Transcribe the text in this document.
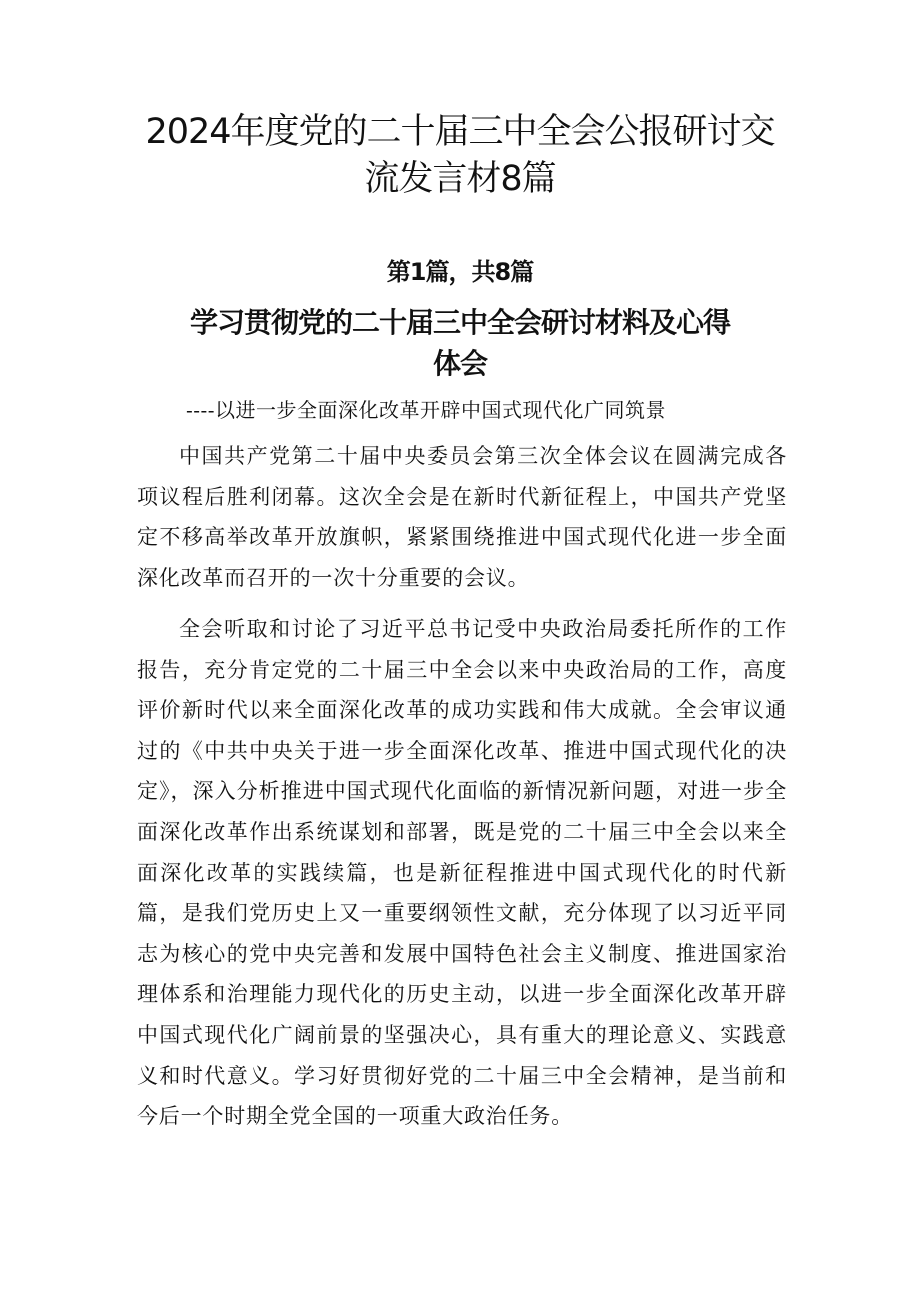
2024年度党的二十届三中全会公报研讨交
流发言材8篇
第1篇，共8篇
学习贯彻党的二十届三中全会研讨材料及心得
体会
----以进一步全面深化改革开辟中国式现代化广同筑景

中国共产党第二十届中央委员会第三次全体会议在圆满完成各项议程后胜利闭幕。这次全会是在新时代新征程上，中国共产党坚定不移高举改革开放旗帜，紧紧围绕推进中国式现代化进一步全面深化改革而召开的一次十分重要的会议。

全会听取和讨论了习近平总书记受中央政治局委托所作的工作报告，充分肯定党的二十届三中全会以来中央政治局的工作，高度评价新时代以来全面深化改革的成功实践和伟大成就。全会审议通过的《中共中央关于进一步全面深化改革、推进中国式现代化的决定》，深入分析推进中国式现代化面临的新情况新问题，对进一步全面深化改革作出系统谋划和部署，既是党的二十届三中全会以来全面深化改革的实践续篇，也是新征程推进中国式现代化的时代新篇，是我们党历史上又一重要纲领性文献，充分体现了以习近平同志为核心的党中央完善和发展中国特色社会主义制度、推进国家治理体系和治理能力现代化的历史主动，以进一步全面深化改革开辟中国式现代化广阔前景的坚强决心，具有重大的理论意义、实践意义和时代意义。学习好贯彻好党的二十届三中全会精神，是当前和今后一个时期全党全国的一项重大政治任务。
